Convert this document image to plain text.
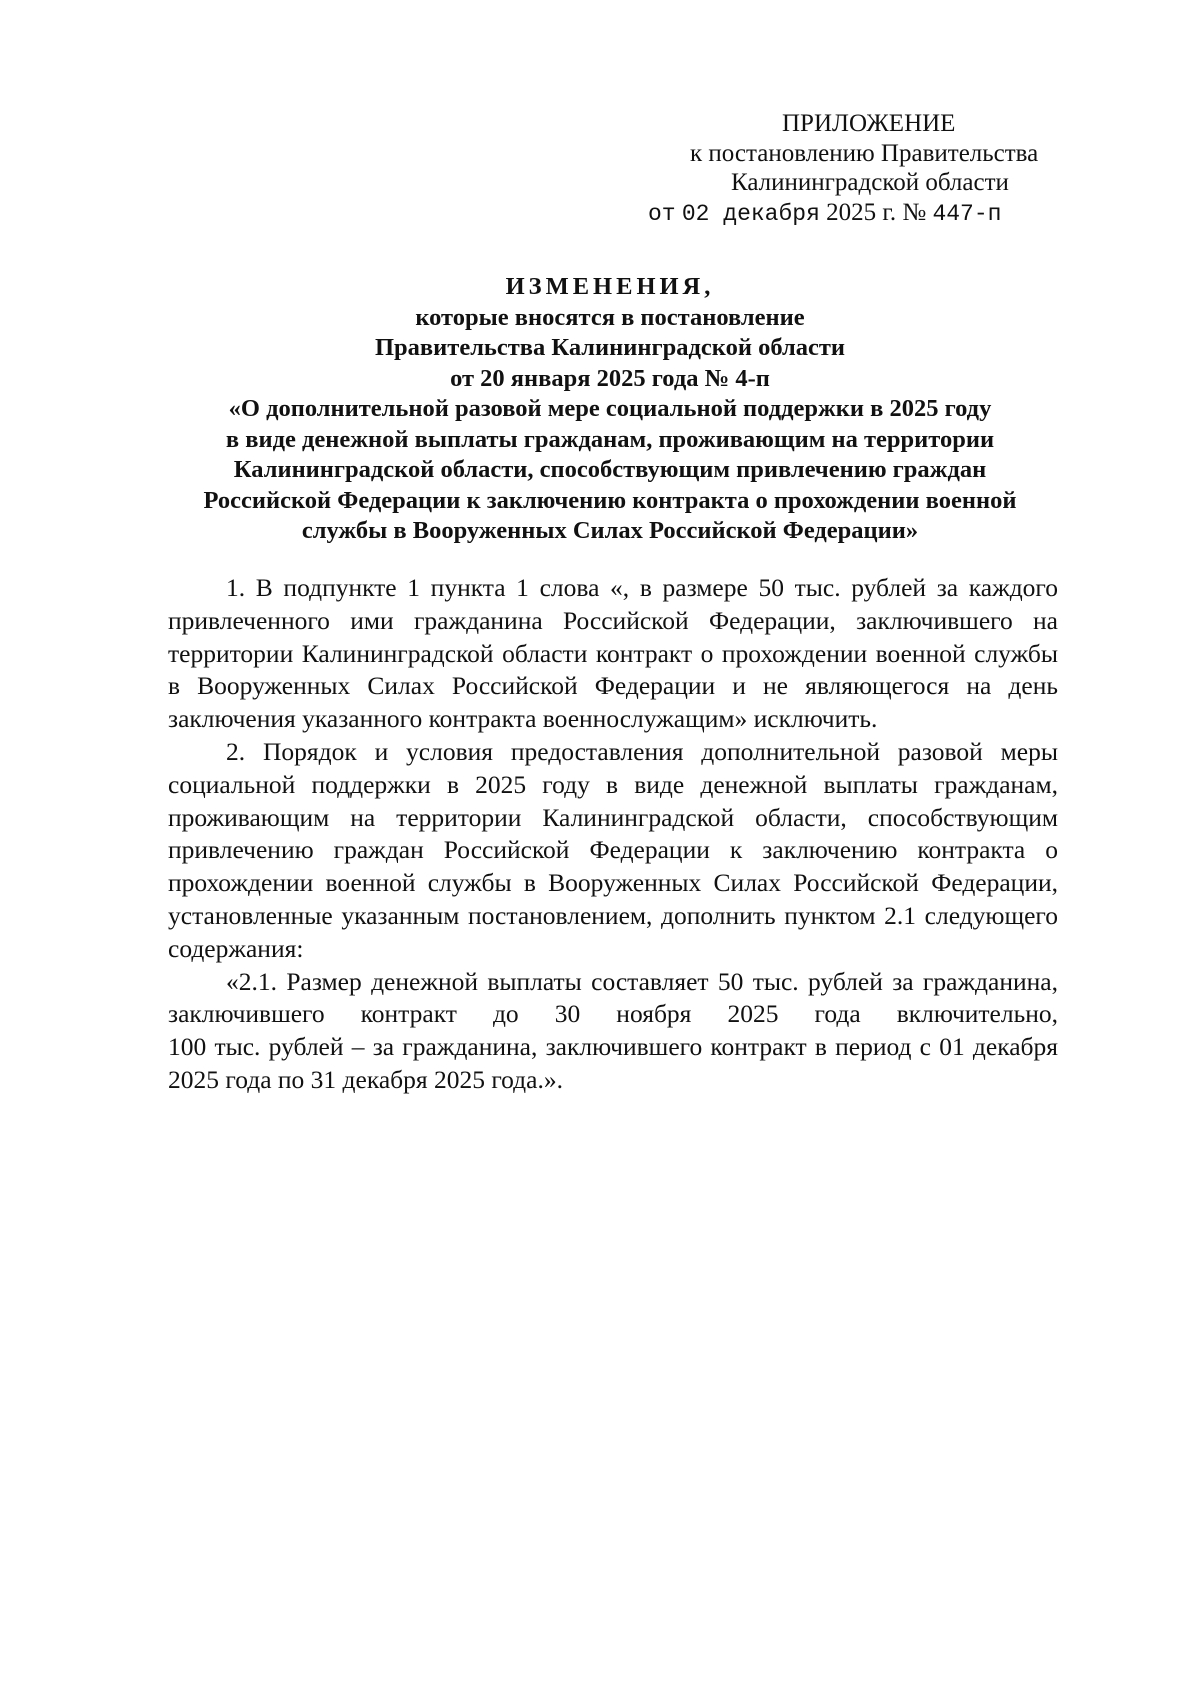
ПРИЛОЖЕНИЕ
к постановлению Правительства
Калининградской области
от 02 декабря 2025 г. № 447-п
ИЗМЕНЕНИЯ,
которые вносятся в постановление
Правительства Калининградской области
от 20 января 2025 года № 4-п
«О дополнительной разовой мере социальной поддержки в 2025 году
в виде денежной выплаты гражданам, проживающим на территории
Калининградской области, способствующим привлечению граждан
Российской Федерации к заключению контракта о прохождении военной
службы в Вооруженных Силах Российской Федерации»
1. В подпункте 1 пункта 1 слова «, в размере 50 тыс. рублей за каждого
привлеченного ими гражданина Российской Федерации, заключившего на
территории Калининградской области контракт о прохождении военной службы
в Вооруженных Силах Российской Федерации и не являющегося на день
заключения указанного контракта военнослужащим» исключить.
2. Порядок и условия предоставления дополнительной разовой меры
социальной поддержки в 2025 году в виде денежной выплаты гражданам,
проживающим на территории Калининградской области, способствующим
привлечению граждан Российской Федерации к заключению контракта о
прохождении военной службы в Вооруженных Силах Российской Федерации,
установленные указанным постановлением, дополнить пунктом 2.1 следующего
содержания:
«2.1. Размер денежной выплаты составляет 50 тыс. рублей за гражданина,
заключившего контракт до 30 ноября 2025 года включительно,
100 тыс. рублей – за гражданина, заключившего контракт в период с 01 декабря
2025 года по 31 декабря 2025 года.».
